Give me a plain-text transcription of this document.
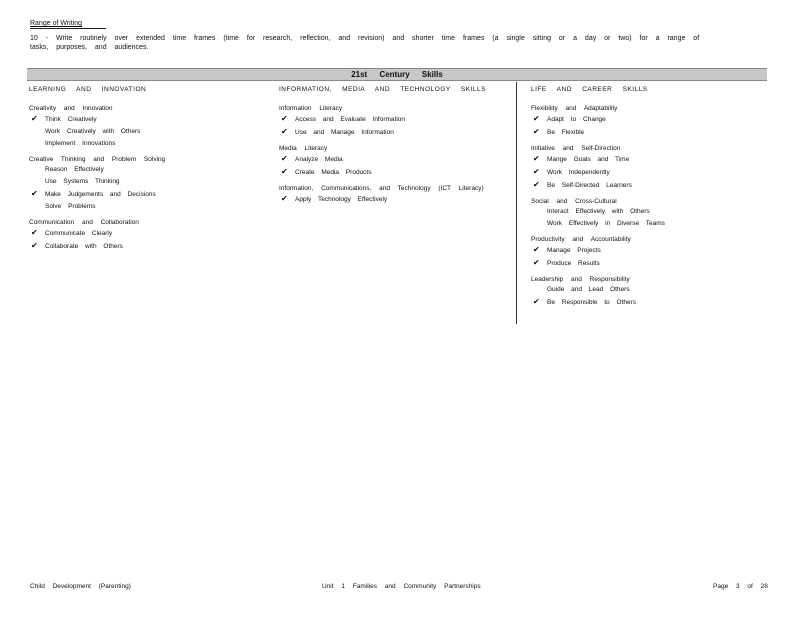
Range of Writing
10 - Write routinely over extended time frames (time for research, reflection, and revision) and shorter time frames (a single sitting or a day or two) for a range of tasks, purposes, and audiences.
21st Century Skills
LEARNING AND INNOVATION
Creativity and Innovation
✔ Think Creatively
Work Creatively with Others
Implement Innovations
Creative Thinking and Problem Solving
Reason Effectively
Use Systems Thinking
✔ Make Judgements and Decisions
Solve Problems
Communication and Collaboration
✔ Communicate Clearly
✔ Collaborate with Others
INFORMATION, MEDIA AND TECHNOLOGY SKILLS
Information Literacy
✔ Access and Evaluate Information
✔ Use and Manage Information
Media Literacy
✔ Analyze Media
✔ Create Media Products
Information, Communications, and Technology (ICT Literacy)
✔ Apply Technology Effectively
LIFE AND CAREER SKILLS
Flexibility and Adaptability
✔ Adapt to Change
✔ Be Flexible
Initiative and Self-Direction
✔ Mange Goals and Time
✔ Work Independently
✔ Be Self-Directed Learners
Social and Cross-Cultural
Interact Effectively with Others
Work Effectively in Diverse Teams
Productivity and Accountability
✔ Manage Projects
✔ Produce Results
Leadership and Responsibility
Guide and Lead Others
✔ Be Responsible to Others
Child Development (Parenting)	Unit 1 Families and Community Partnerships	Page 3 of 28
